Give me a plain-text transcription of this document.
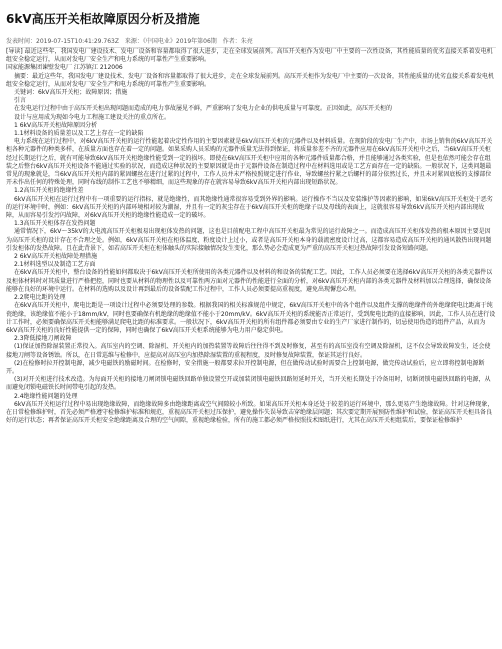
6kV高压开关柜故障原因分析及措施
发表时间：2019-07-15T10:41:29.763Z 来源：《中国电业》2019年第06期 作者：朱亮

[导读] 最近这些年，我国发电厂建设技术、发电厂设备和容量都取得了很大进步，走在全球发展前列。高压开关柜作为发电厂中主要的一次性设备，其性能质量的优劣直接关系着发电机组安全稳定运行，从而对发电厂安全生产和电力系统的可靠性产生重要影响。

国家能源集团谏壁发电厂 江苏镇江 212006

摘要：最近这些年，我国发电厂建设技术、发电厂设备和容量都取得了很大进步，走在全球发展前列。高压开关柜作为发电厂中主要的一次设备，其性能质量的优劣直接关系着发电机组安全稳定运行，从而对发电厂安全生产和电力系统的可靠性产生重要影响。

关键词：6kV高压开关柜；故障原因；措施

引言

在发电运行过程中由于高压开关柜出现问题而造成的电力事故屡见不鲜，严重影响了发电力企业的供电质量与可靠度。正因如此，高压开关柜的

设计与应用成为现如今电力工程施工建设关注的重点所在。

1 6kV高压开关柜故障原因分析

1.1材料设备的质量差以及工艺上存在一定的缺陷

电力系统在运行过程中，对6kV高压开关柜的运行性能起着决定性作用的主要因素就是6kV高压开关柜的元器件以及材料质量。在现阶段的发电厂生产中，市场上销售的6kV高压开关柜各种元器件的种类多样，在质量方面也存在着一定的问题。如果采购人员采购的元器件质量无法得到保证，将质量参差不齐的元器件应用在6kV高压开关柜中之后，当6kV高压开关柜经过长期运行之后，就有可能导致6kV高压开关柜绝缘性能受到一定的损坏。即使在6kV高压开关柜中应用的各种元器件质量都合格，并且能够通过各类实验，但是也依然可能会存在组装之后整台6kV高压开关柜设备不能通过实验的状况，而造成这种状况的主要原因就是由于元器件设备在制造过程中在材料选用或是工艺方面存在一定的缺陷。一般状况下，这类问题最常见的现象就是，当6kV高压开关柜内部的紧固螺丝在进行过紧的过程中，工作人员并未严格按照规定进行作业，导致螺丝拧紧之后螺杆的部分依然过长，并且未对紧固底板的支撑部位开未作出任何的特殊处理，同时布线的制作工艺也不够精细，而这些现象的存在就容易导致6kV高压开关柜内部出现短路状况。

1.2高压开关柜的绝缘性差

6kV高压开关柜在运行过程中有一项重要的运行指标，就是绝缘性，而其绝缘性通常很容易受到外界的影响。运行操作不当以及安装维护等因素的影响，如果6kV高压开关柜处于恶劣的运行环境中时，例如：6kV高压开关柜的内部环境相对较为潮湿，并且有一定的灰尘存在于6kV高压开关柜的绝缘子以及母线的表面上，这就很容易导致6kV高压开关柜内部出现故障，从而容易引发污闪故障，对6kV高压开关柜的绝缘性能造成一定的破坏。

1.3高压开关柜体存在发热问题

通常情况下，6kV～35kV的大电流高压开关柜极易出现柜体发热的问题，这也是目前配电工程中高压开关柜最为常见的运行故障之一。而造成高压开关柜体发热的根本原因主要是因为高压开关柜的设计存在不合理之处。例如，6kV高压开关柜在柜体温度、粉度设计上过小，或者是高压开关柜本身的载流密度设计过高，这都容易造成高压开关柜的通风散热出现问题引发柜体的发热故障。且在此背景下，如若高压开关柜在柜体触头的实际接触情况发生变化，那么势必会造成更为严重的高压开关柜过热故障引发设备短路问题。

2 6kV高压开关柜故障处理措施

2.1材料选型以及制造工艺方面

在6kV高压开关柜中，整台设备的性能如何都取决于6kV高压开关柜所使用的各类元器件以及材料的和设备的装配工艺。因此，工作人员必须要在选择6kV高压开关柜的各类元器件以及柜体材料时对其质量进行严格把控，同时也要从材料的物理性以及可靠性两方面对元器件的性能进行全面的分析，对6kV高压开关柜内部的各类元器件及材料加以合理选择，确保设备能够在良好的环境中运行。在材料的选购以及设计再到最后的设备装配工作过程中，工作人员必须要提高重视度，避免出现懈怠心理。

2.2爬电比距的处理

在6kV高压开关柜中，爬电比距是一项设计过程中必须要处理的参数。根据我国的相关标准规范中规定，6kV高压开关柜中的各个组件以及组件支撑的绝缘件的外绝缘爬电比距离于纯瓷绝缘，该绝缘值不能小于18mm/kV，同时也要确保有机绝缘的绝缘值不能小于20mm/kV。6kV高压开关柜的系统能否正常运行，受到爬电比距的直接影响，因此，工作人员在进行设计工作时，必须要确保高压开关柜能够满足爬电比距的标准要求。一般状况下，6kV高压开关柜的所有组件都必须要由专业的生产厂家进行制作的，切忌使用伪造的组件产品，从而为6kV高压开关柜的良好性能提供一定的保障，同时也确保了6kV高压开关柜系统能够为电力用户稳定供电。

2.3降低接地刀闸故障

(1)保证加热除湿装置正常投入。高压室内的空调、除湿机、开关柜内的加热装置等故障后往往得不到及时修复，甚至有的高压室没有空调及除湿机，这不仅会导致故障发生，还会使接地刀闸等设备锈蚀。所以，在日常巡维与检修中，应提高对高压室内加热除湿装置的重视程度，及时修复故障装置，保证其运行良好。

(2)在检修时拉开控制电源，减少电磁铁的励磁时间。在检修时，安全措施一般都要求拉开控制电源，但在做传动试验时需要合上控制电源，做完传动试验后，应立即将控制电源断开。

(3)对开关柜进行技术改造。为每面开关柜的接地刀闸闭锁电磁铁回路单独设置空开或加装闭锁电磁铁回路短延时开关，当开关柜长期处于冷备用时，切断闭锁电磁铁回路的电源，从而避免闭锁电磁铁长时间带电引起的发热。

2.4绝缘性能问题的处理

6kV高压开关柜运行过程中易出现绝缘故障，而绝缘故障多由绝缘距离或空气间隙较小所致。如果高压开关柜本身还处于较差的运行环境中，那么更易产生绝缘故障。针对这种现象，在日常检修维护时，首先必须严格遵守检修维护标准和规范，重视高压开关柜过压保护，避免操作失误导致击穿绝缘层问题；其次要定期开展预防性维护和试验，保证高压开关柜具备良好的运行状态；再者保证高压开关柜安全绝缘距离及合理的空气间隙，重视绝缘检验，所有的施工都必须严格按照技术图纸进行，尤其在高压开关柜组装后，要保证检修维护
